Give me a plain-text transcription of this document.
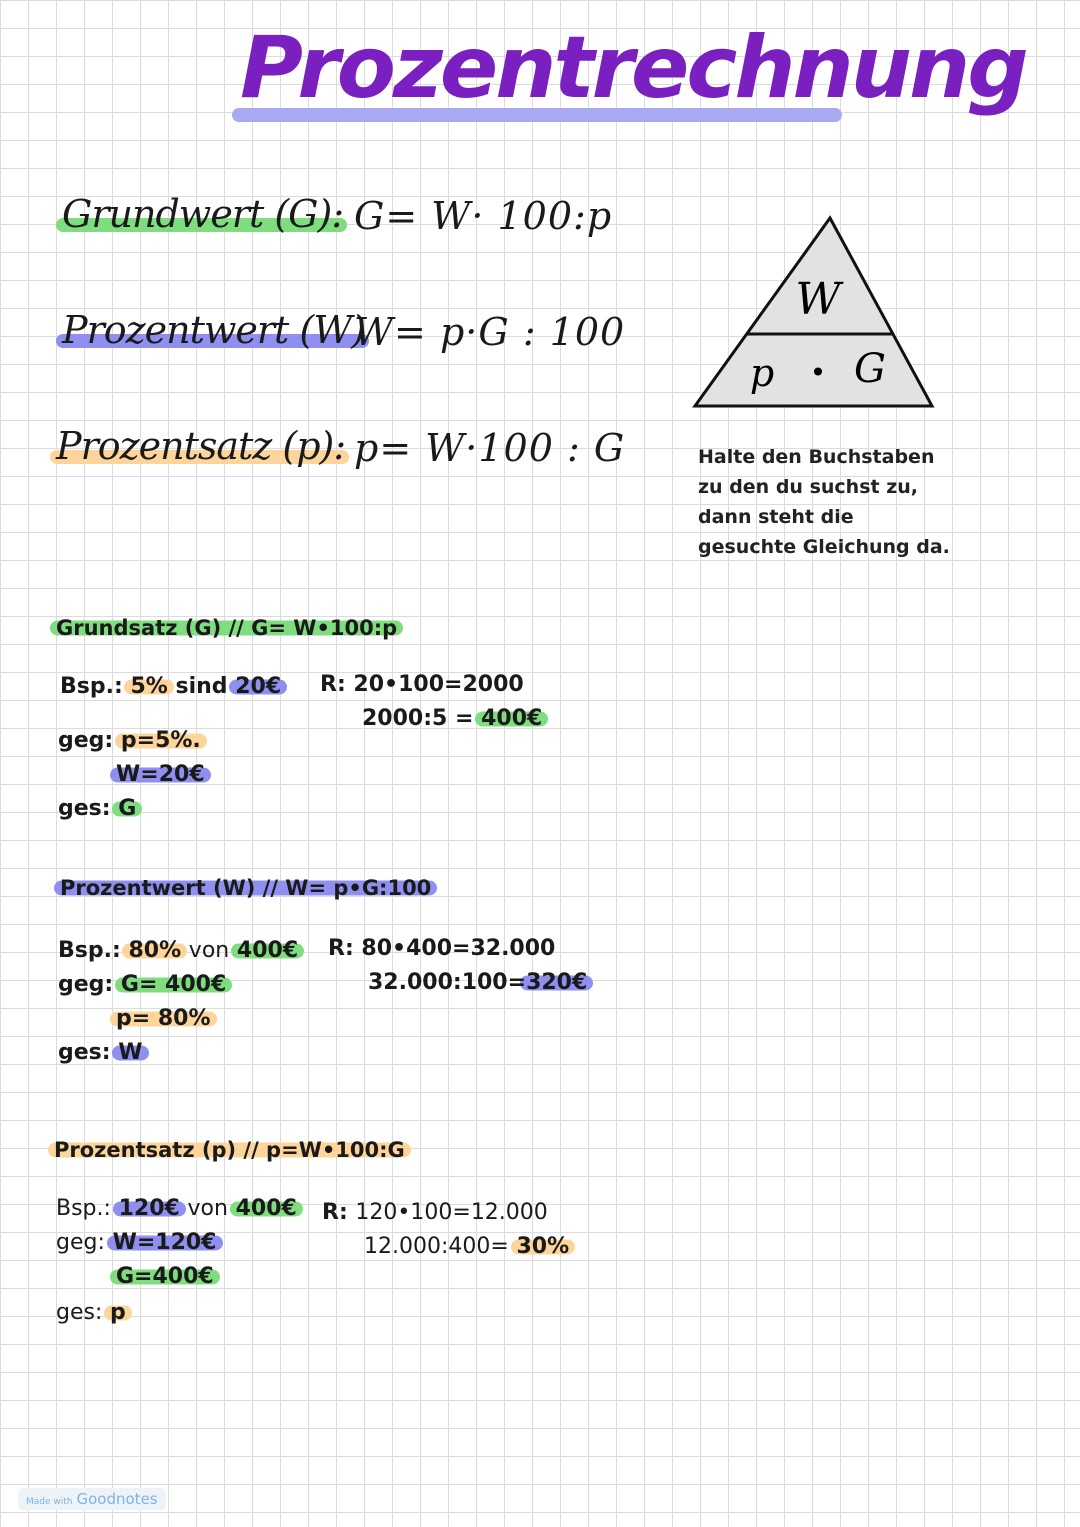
Prozentrechnung
Grundwert (G): G= W· 100:p
Prozentwert (W)
W= p·G : 100
Prozentsatz (p): p= W·100 : G
W
p • G
Halte den Buchstaben zu den du suchst zu, dann steht die gesuchte Gleichung da.
Grundsatz (G) // G= W•100:p
Bsp.: 5% sind 20€
geg: p=5%.
W=20€
ges: G
R: 20•100=2000
2000:5 = 400€
Prozentwert (W) // W= p•G:100
Bsp.: 80% von 400€
geg: G= 400€
p= 80%
ges: W
R: 80•400=32.000
32.000:100=320€
Prozentsatz (p) // p=W•100:G
Bsp.: 120€ von 400€
geg: W=120€
G=400€
ges: p
R: 120•100=12.000
12.000:400= 30%
Made with Goodnotes
